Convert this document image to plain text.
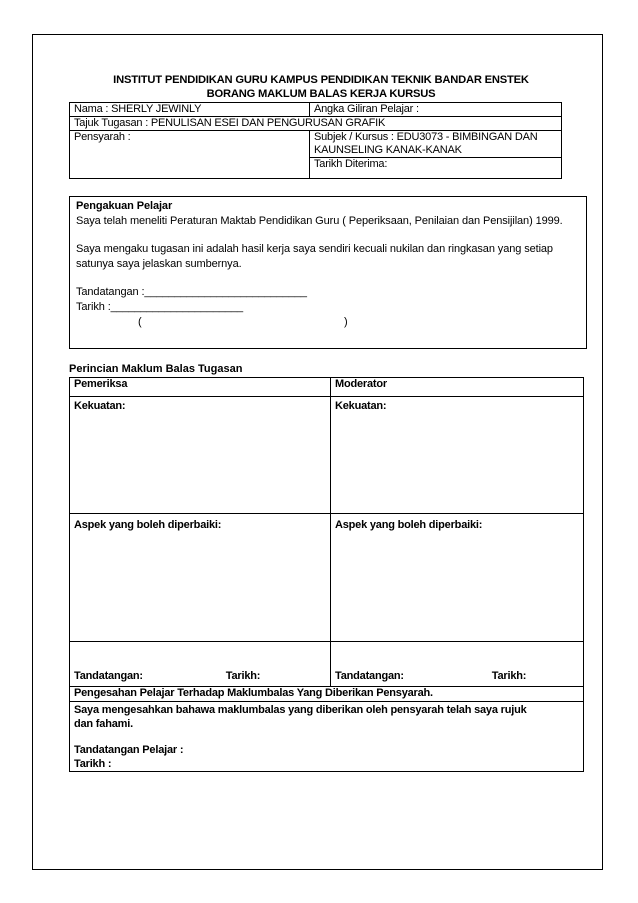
INSTITUT PENDIDIKAN GURU KAMPUS PENDIDIKAN TEKNIK BANDAR ENSTEK
BORANG MAKLUM BALAS KERJA KURSUS
Nama : SHERLY JEWINLY	Angka Giliran Pelajar :
Tajuk Tugasan : PENULISAN ESEI DAN PENGURUSAN GRAFIK	
Pensyarah :	Subjek / Kursus : EDU3073 - BIMBINGAN DAN
KAUNSELING KANAK-KANAK

	Tarikh Diterima:

Pengakuan Pelajar

Saya telah meneliti Peraturan Maktab Pendidikan Guru ( Peperiksaan, Penilaian dan Pensijilan) 1999.

Saya mengaku tugasan ini adalah hasil kerja saya sendiri kecuali nukilan dan ringkasan yang setiap satunya saya jelaskan sumbernya.

Tandatangan :___________________________

Tarikh :______________________

(	)

Perincian Maklum Balas Tugasan
Pemeriksa	Moderator
Kekuatan:	Kekuatan:
Aspek yang boleh diperbaiki:	Aspek yang boleh diperbaiki:
Tandatangan: Tarikh:	Tandatangan: Tarikh:
Pengesahan Pelajar Terhadap Maklumbalas Yang Diberikan Pensyarah.	

Saya mengesahkan bahawa maklumbalas yang diberikan oleh pensyarah telah saya rujuk dan fahami.
Tandatangan Pelajar :
Tarikh :	
